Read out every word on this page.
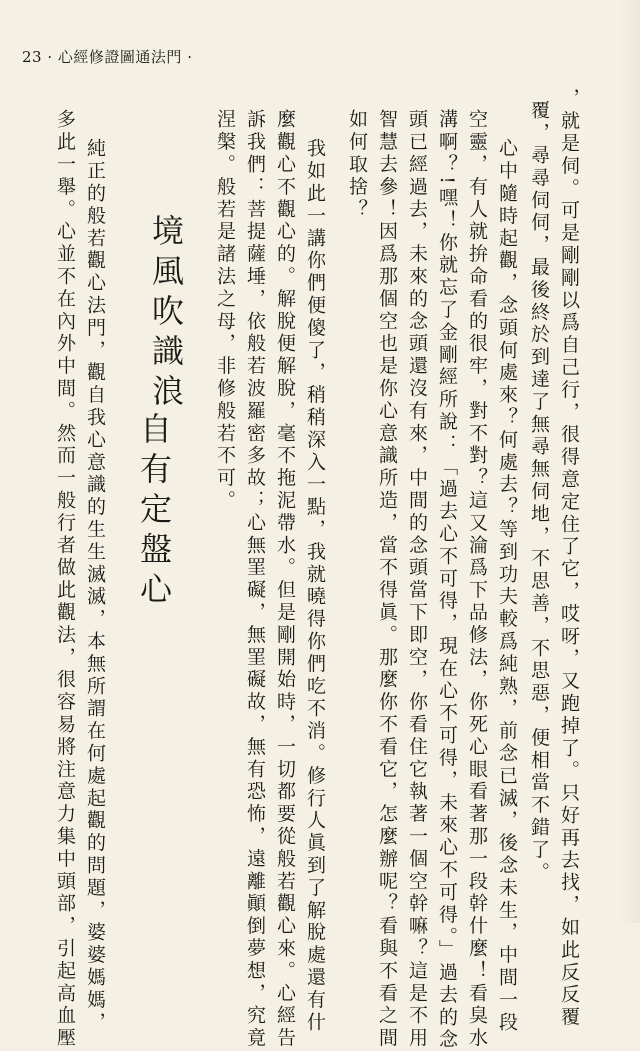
23 · 心經修證圖通法門 ·
，就是伺。可是剛剛以爲自己行，很得意定住了它，哎呀，又跑掉了。只好再去找，如此反反覆
覆，尋尋伺伺，最後終於到達了無尋無伺地，不思善，不思惡，便相當不錯了。
心中隨時起觀，念頭何處來？何處去？等到功夫較爲純熟，前念已滅，後念未生，中間一段
空靈，有人就拚命看的很牢，對不對？這又淪爲下品修法，你死心眼看著那一段幹什麼！看臭水
溝啊？!嘿！你就忘了金剛經所說：「過去心不可得，現在心不可得，未來心不可得。」過去的念
頭已經過去，未來的念頭還沒有來，中間的念頭當下即空，你看住它執著一個空幹嘛？這是不用
智慧去參！因爲那個空也是你心意識所造，當不得眞。那麼你不看它，怎麼辦呢？看與不看之間
如何取捨？
我如此一講你們便傻了，稍稍深入一點，我就曉得你們吃不消。修行人眞到了解脫處還有什
麼觀心不觀心的。解脫便解脫，毫不拖泥帶水。但是剛開始時，一切都要從般若觀心來。心經告
訴我們：菩提薩埵，依般若波羅密多故；心無罣礙，無罣礙故，無有恐怖，遠離顚倒夢想，究竟
涅槃。般若是諸法之母，非修般若不可。
境風吹識浪
自有定盤心
純正的般若觀心法門，觀自我心意識的生生滅滅，本無所謂在何處起觀的問題，婆婆媽媽，
多此一舉。心並不在內外中間。然而一般行者做此觀法，很容易將注意力集中頭部，引起高血壓
